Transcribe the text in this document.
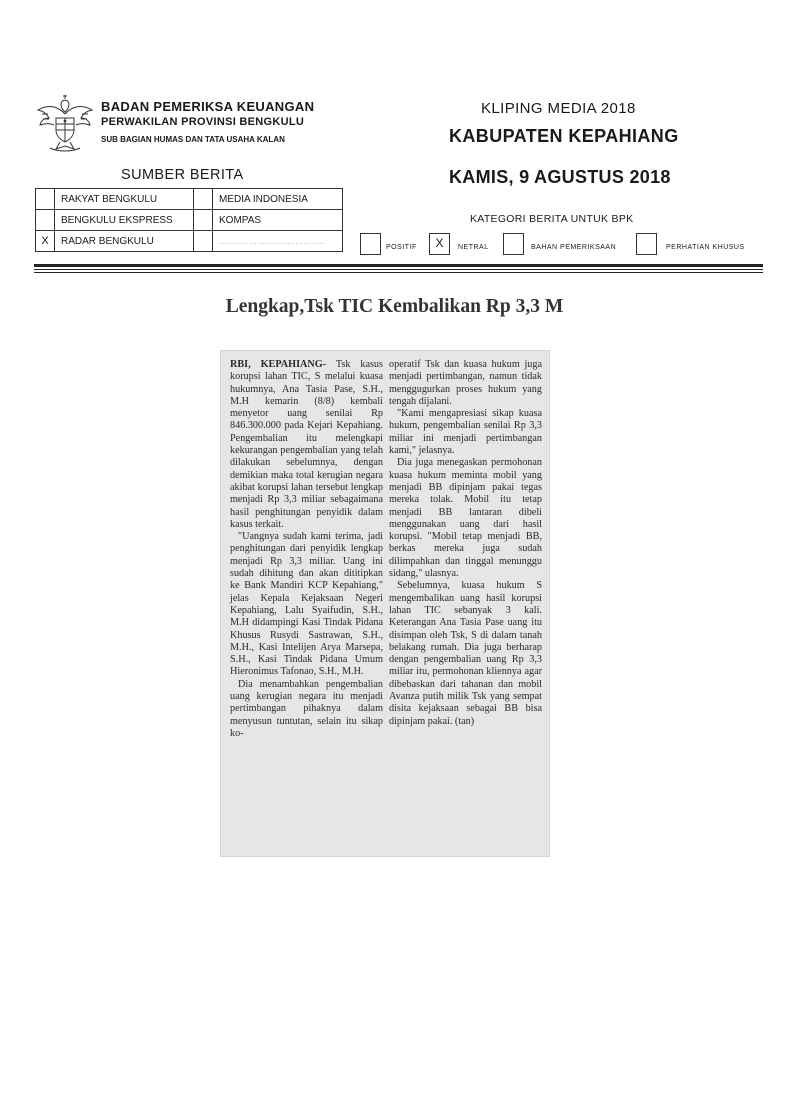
BADAN PEMERIKSA KEUANGAN
PERWAKILAN PROVINSI BENGKULU
SUB BAGIAN HUMAS DAN TATA USAHA KALAN
KLIPING MEDIA 2018
KABUPATEN KEPAHIANG
KAMIS, 9 AGUSTUS 2018
SUMBER BERITA
	RAKYAT BENGKULU		MEDIA INDONESIA
	BENGKULU EKSPRESS		KOMPAS
X	RADAR BENGKULU		.......................................
KATEGORI BERITA UNTUK BPK
POSITIF	X	NETRAL	BAHAN PEMERIKSAAN	PERHATIAN KHUSUS
Lengkap,Tsk TIC Kembalikan Rp 3,3 M

RBI, KEPAHIANG- Tsk kasus korupsi lahan TIC, S melalui kuasa hukumnya, Ana Tasia Pase, S.H., M.H kemarin (8/8) kembali menyetor uang senilai Rp 846.300.000 pada Kejari Kepahiang. Pengembalian itu melengkapi kekurangan pengembalian yang telah dilakukan sebelumnya, dengan demikian maka total kerugian negara akibat korupsi lahan tersebut lengkap menjadi Rp 3,3 miliar sebagaimana hasil penghitungan penyidik dalam kasus terkait.

"Uangnya sudah kami terima, jadi penghitungan dari penyidik lengkap menjadi Rp 3,3 miliar. Uang ini sudah dihitung dan akan dititipkan ke Bank Mandiri KCP Kepahiang," jelas Kepala Kejaksaan Negeri Kepahiang, Lalu Syaifudin, S.H., M.H didampingi Kasi Tindak Pidana Khusus Rusydi Sastrawan, S.H., M.H., Kasi Intelijen Arya Marsepa, S.H., Kasi Tindak Pidana Umum Hieronimus Tafonao, S.H., M.H.

Dia menambahkan pengembalian uang kerugian negara itu menjadi pertimbangan pihaknya dalam menyusun tuntutan, selain itu sikap ko-

operatif Tsk dan kuasa hukum juga menjadi pertimbangan, namun tidak menggugurkan proses hukum yang tengah dijalani.

"Kami mengapresiasi sikap kuasa hukum, pengembalian senilai Rp 3,3 miliar ini menjadi pertimbangan kami," jelasnya.

Dia juga menegaskan permohonan kuasa hukum meminta mobil yang menjadi BB dipinjam pakai tegas mereka tolak. Mobil itu tetap menjadi BB lantaran dibeli menggunakan uang dari hasil korupsi. "Mobil tetap menjadi BB, berkas mereka juga sudah dilimpahkan dan tinggal menunggu sidang," ulasnya.

Sebelumnya, kuasa hukum S mengembalikan uang hasil korupsi lahan TIC sebanyak 3 kali. Keterangan Ana Tasia Pase uang itu disimpan oleh Tsk, S di dalam tanah belakang rumah. Dia juga berharap dengan pengembalian uang Rp 3,3 miliar itu, permohonan kliennya agar dibebaskan dari tahanan dan mobil Avanza putih milik Tsk yang sempat disita kejaksaan sebagai BB bisa dipinjam pakai. (tan)
